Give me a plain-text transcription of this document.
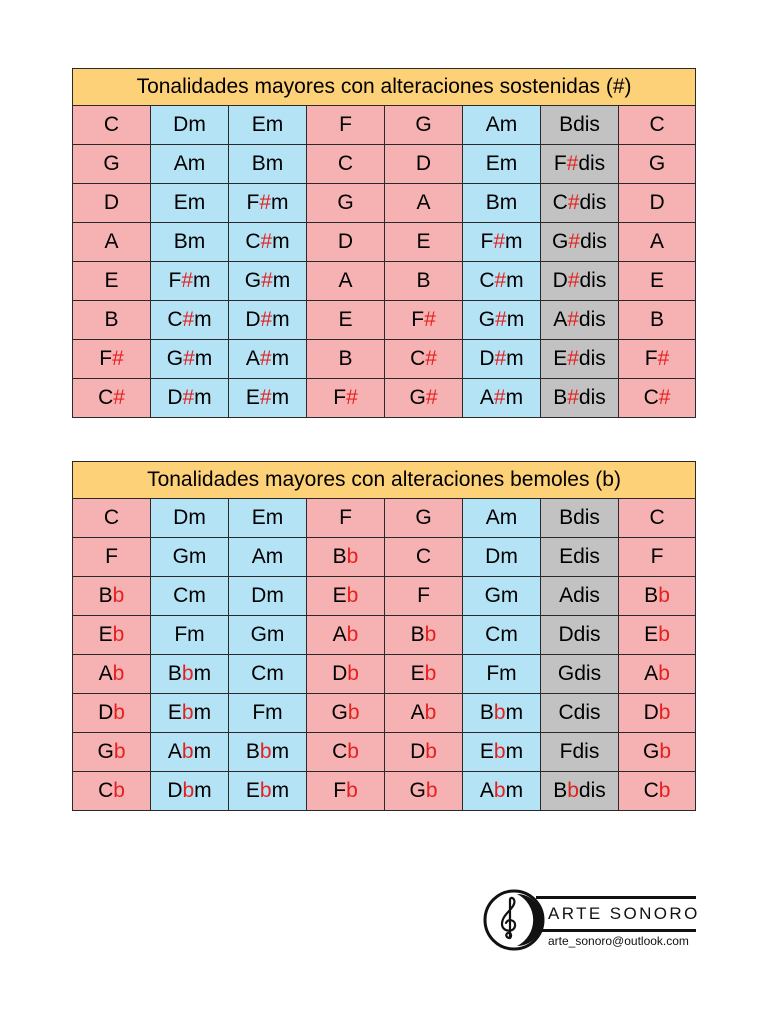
Tonalidades mayores con alteraciones sostenidas (#)							
C	Dm	Em	F	G	Am	Bdis	C
G	Am	Bm	C	D	Em	F#dis	G
D	Em	F#m	G	A	Bm	C#dis	D
A	Bm	C#m	D	E	F#m	G#dis	A
E	F#m	G#m	A	B	C#m	D#dis	E
B	C#m	D#m	E	F#	G#m	A#dis	B
F#	G#m	A#m	B	C#	D#m	E#dis	F#
C#	D#m	E#m	F#	G#	A#m	B#dis	C#
Tonalidades mayores con alteraciones bemoles (b)							
C	Dm	Em	F	G	Am	Bdis	C
F	Gm	Am	Bb	C	Dm	Edis	F
Bb	Cm	Dm	Eb	F	Gm	Adis	Bb
Eb	Fm	Gm	Ab	Bb	Cm	Ddis	Eb
Ab	Bbm	Cm	Db	Eb	Fm	Gdis	Ab
Db	Ebm	Fm	Gb	Ab	Bbm	Cdis	Db
Gb	Abm	Bbm	Cb	Db	Ebm	Fdis	Gb
Cb	Dbm	Ebm	Fb	Gb	Abm	Bbdis	Cb
ARTE SONORO
arte_sonoro@outlook.com
